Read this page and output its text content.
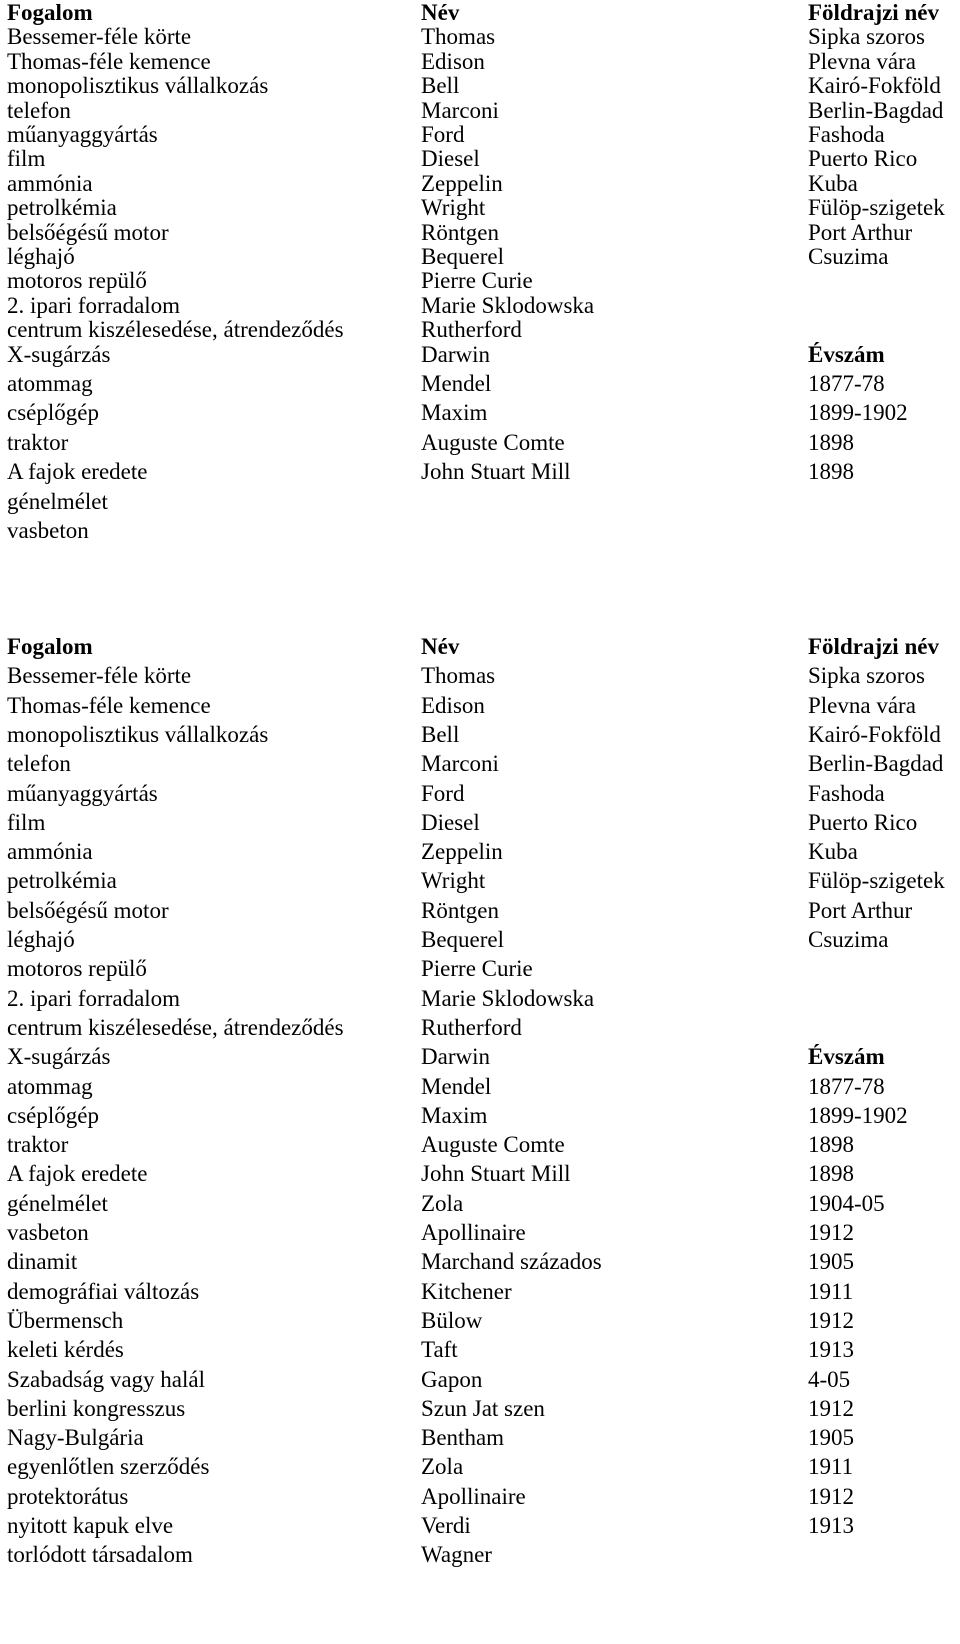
Fogalom	Név	Földrajzi név
Bessemer-féle körte	Thomas	Sipka szoros
Thomas-féle kemence	Edison	Plevna vára
monopolisztikus vállalkozás	Bell	Kairó-Fokföld
telefon	Marconi	Berlin-Bagdad
műanyaggyártás	Ford	Fashoda
film	Diesel	Puerto Rico
ammónia	Zeppelin	Kuba
petrolkémia	Wright	Fülöp-szigetek
belsőégésű motor	Röntgen	Port Arthur
léghajó	Bequerel	Csuzima
motoros repülő	Pierre Curie
2. ipari forradalom	Marie Sklodowska
centrum kiszélesedése, átrendeződés	Rutherford
X-sugárzás	Darwin	Évszám
atommag	Mendel	1877-78
cséplőgép	Maxim	1899-1902
traktor	Auguste Comte	1898
A fajok eredete	John Stuart Mill	1898
génelmélet
vasbeton
Fogalom	Név	Földrajzi név
Bessemer-féle körte	Thomas	Sipka szoros
Thomas-féle kemence	Edison	Plevna vára
monopolisztikus vállalkozás	Bell	Kairó-Fokföld
telefon	Marconi	Berlin-Bagdad
műanyaggyártás	Ford	Fashoda
film	Diesel	Puerto Rico
ammónia	Zeppelin	Kuba
petrolkémia	Wright	Fülöp-szigetek
belsőégésű motor	Röntgen	Port Arthur
léghajó	Bequerel	Csuzima
motoros repülő	Pierre Curie
2. ipari forradalom	Marie Sklodowska
centrum kiszélesedése, átrendeződés	Rutherford
X-sugárzás	Darwin	Évszám
atommag	Mendel	1877-78
cséplőgép	Maxim	1899-1902
traktor	Auguste Comte	1898
A fajok eredete	John Stuart Mill	1898
génelmélet	Zola	1904-05
vasbeton	Apollinaire	1912
dinamit	Marchand százados	1905
demográfiai változás	Kitchener	1911
Übermensch	Bülow	1912
keleti kérdés	Taft	1913
Szabadság vagy halál	Gapon	4-05
berlini kongresszus	Szun Jat szen	1912
Nagy-Bulgária	Bentham	1905
egyenlőtlen szerződés	Zola	1911
protektorátus	Apollinaire	1912
nyitott kapuk elve	Verdi	1913
torlódott társadalom	Wagner
